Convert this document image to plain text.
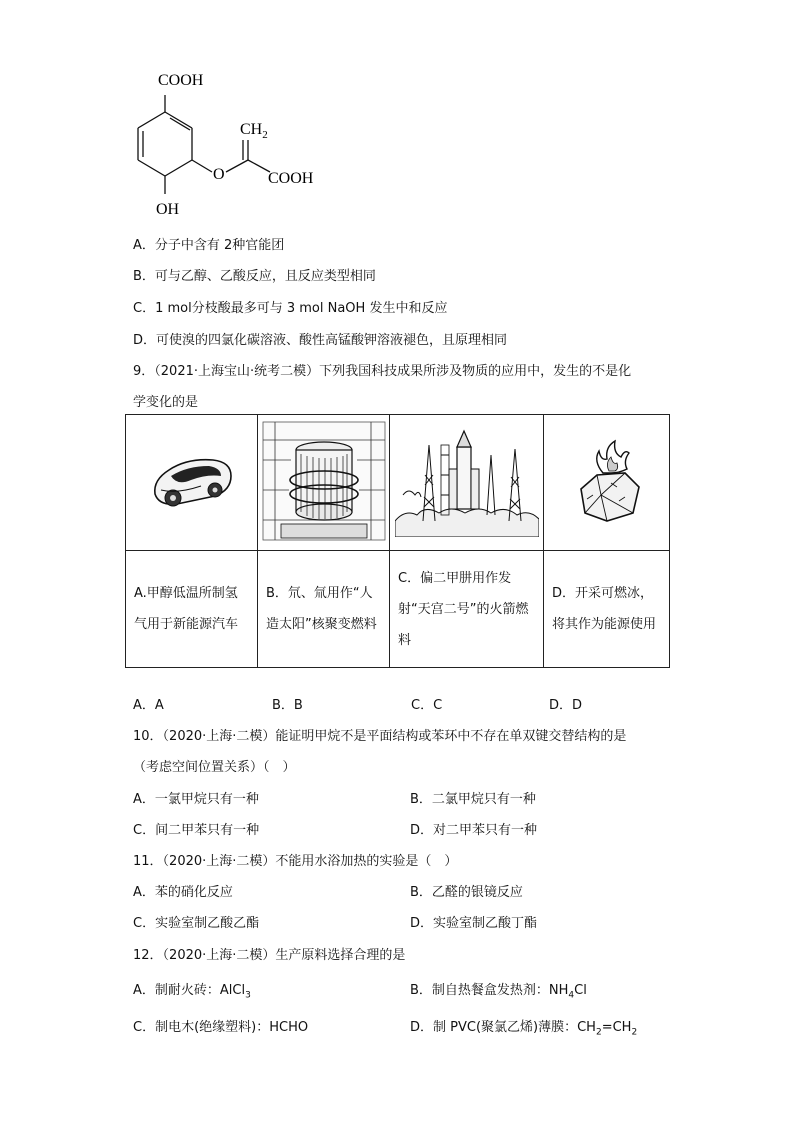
COOH
$CH_2$
O	COOH
OH
A．分子中含有 2种官能团
B．可与乙醇、乙酸反应，且反应类型相同
C．1 mol分枝酸最多可与 3 mol NaOH 发生中和反应
D．可使溴的四氯化碳溶液、酸性高锰酸钾溶液褪色，且原理相同
9．（2021·上海宝山·统考二模）下列我国科技成果所涉及物质的应用中，发生的不是化
学变化的是

A.甲醇低温所制氢气用于新能源汽车	B．氘、氚用作“人造太阳”核聚变燃料	C．偏二甲肼用作发射“天宫二号”的火箭燃料	D．开采可燃冰，将其作为能源使用
A．A	B．B	C．C	D．D
10．（2020·上海·二模）能证明甲烷不是平面结构或苯环中不存在单双键交替结构的是
（考虑空间位置关系）（　）
A．一氯甲烷只有一种	B．二氯甲烷只有一种
C．间二甲苯只有一种	D．对二甲苯只有一种
11．（2020·上海·二模）不能用水浴加热的实验是（　）
A．苯的硝化反应	B．乙醛的银镜反应
C．实验室制乙酸乙酯	D．实验室制乙酸丁酯
12．（2020·上海·二模）生产原料选择合理的是
A．制耐火砖：AlCl$_3$	B．制自热餐盒发热剂：$NH_4Cl$
C．制电木(绝缘塑料)：HCHO	D．制 PVC(聚氯乙烯)薄膜：$CH_2=CH_2$
